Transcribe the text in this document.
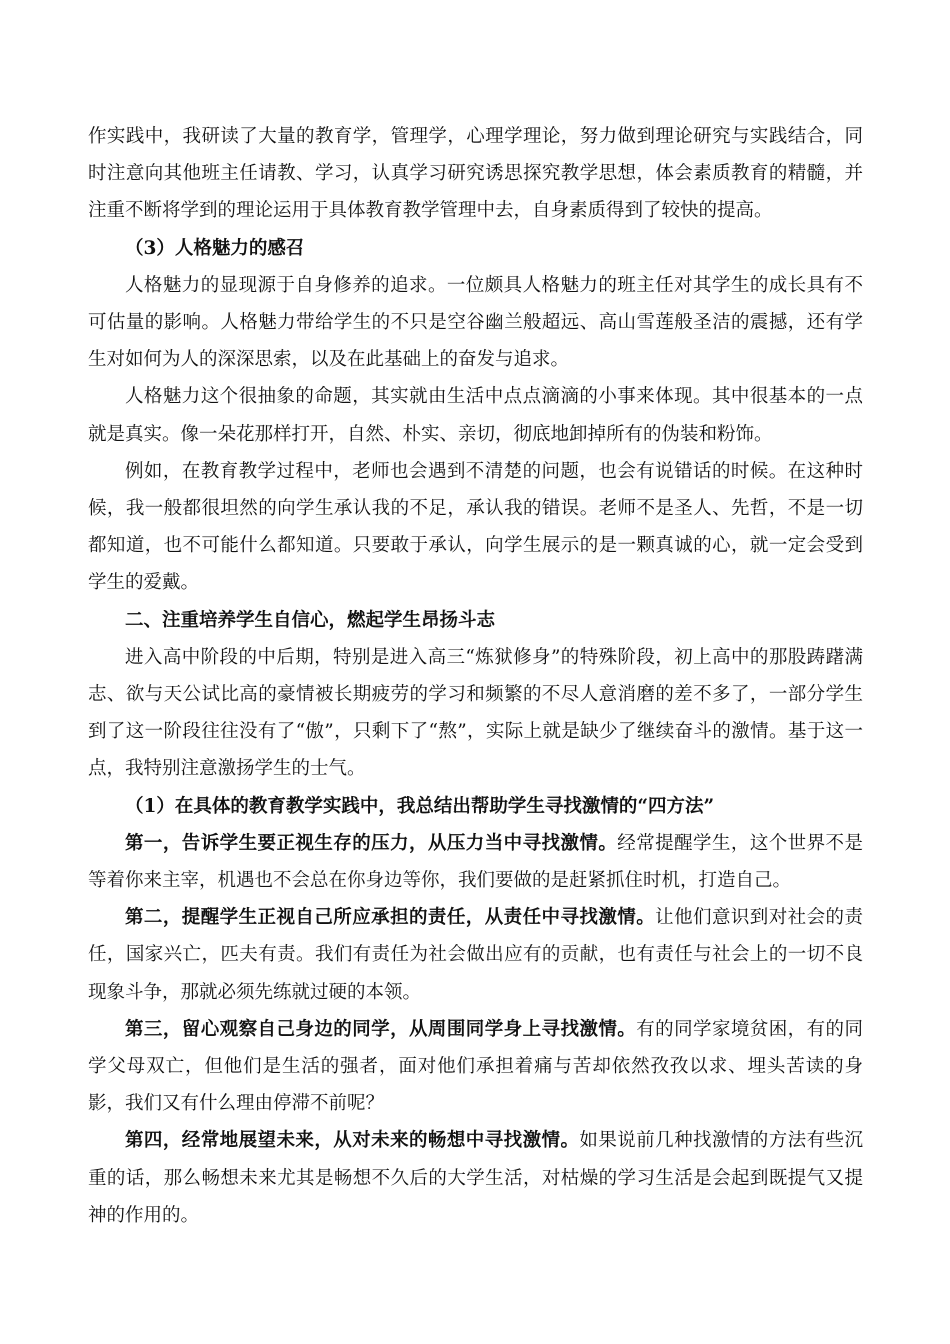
作实践中，我研读了大量的教育学，管理学，心理学理论，努力做到理论研究与实践结合，同时注意向其他班主任请教、学习，认真学习研究诱思探究教学思想，体会素质教育的精髓，并注重不断将学到的理论运用于具体教育教学管理中去，自身素质得到了较快的提高。

（3）人格魅力的感召

人格魅力的显现源于自身修养的追求。一位颇具人格魅力的班主任对其学生的成长具有不可估量的影响。人格魅力带给学生的不只是空谷幽兰般超远、高山雪莲般圣洁的震撼，还有学生对如何为人的深深思索，以及在此基础上的奋发与追求。

人格魅力这个很抽象的命题，其实就由生活中点点滴滴的小事来体现。其中很基本的一点就是真实。像一朵花那样打开，自然、朴实、亲切，彻底地卸掉所有的伪装和粉饰。

例如，在教育教学过程中，老师也会遇到不清楚的问题，也会有说错话的时候。在这种时候，我一般都很坦然的向学生承认我的不足，承认我的错误。老师不是圣人、先哲，不是一切都知道，也不可能什么都知道。只要敢于承认，向学生展示的是一颗真诚的心，就一定会受到学生的爱戴。

二、注重培养学生自信心，燃起学生昂扬斗志

进入高中阶段的中后期，特别是进入高三“炼狱修身”的特殊阶段，初上高中的那股踌躇满志、欲与天公试比高的豪情被长期疲劳的学习和频繁的不尽人意消磨的差不多了，一部分学生到了这一阶段往往没有了“傲”，只剩下了“熬”，实际上就是缺少了继续奋斗的激情。基于这一点，我特别注意激扬学生的士气。

（1）在具体的教育教学实践中，我总结出帮助学生寻找激情的“四方法”

第一，告诉学生要正视生存的压力，从压力当中寻找激情。经常提醒学生，这个世界不是等着你来主宰，机遇也不会总在你身边等你，我们要做的是赶紧抓住时机，打造自己。

第二，提醒学生正视自己所应承担的责任，从责任中寻找激情。让他们意识到对社会的责任，国家兴亡，匹夫有责。我们有责任为社会做出应有的贡献，也有责任与社会上的一切不良现象斗争，那就必须先练就过硬的本领。

第三，留心观察自己身边的同学，从周围同学身上寻找激情。有的同学家境贫困，有的同学父母双亡，但他们是生活的强者，面对他们承担着痛与苦却依然孜孜以求、埋头苦读的身影，我们又有什么理由停滞不前呢？

第四，经常地展望未来，从对未来的畅想中寻找激情。如果说前几种找激情的方法有些沉重的话，那么畅想未来尤其是畅想不久后的大学生活，对枯燥的学习生活是会起到既提气又提神的作用的。
